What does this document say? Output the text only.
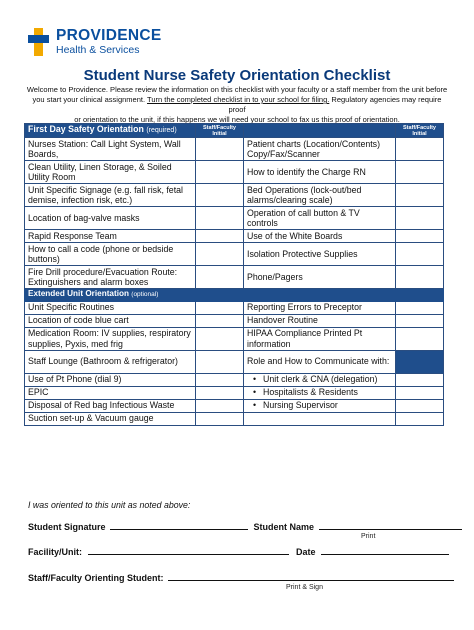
PROVIDENCE
Health & Services
Student Nurse Safety Orientation Checklist
Welcome to Providence. Please review the information on this checklist with your faculty or a staff member from the unit before
you start your clinical assignment. Turn the completed checklist in to your school for filing. Regulatory agencies may require proof
or orientation to the unit, if this happens we will need your school to fax us this proof of orientation.
First Day Safety Orientation (required)	Staff/Faculty Initial		Staff/Faculty Initial
Nurses Station: Call Light System, Wall Boards,		Patient charts (Location/Contents) Copy/Fax/Scanner	
Clean Utility, Linen Storage, & Soiled Utility Room		How to identify the Charge RN	
Unit Specific Signage (e.g. fall risk, fetal demise, infection risk, etc.)		Bed Operations (lock-out/bed alarms/clearing scale)	
Location of bag-valve masks		Operation of call button & TV controls	
Rapid Response Team		Use of the White Boards	
How to call a code (phone or bedside buttons)		Isolation Protective Supplies	
Fire Drill procedure/Evacuation Route: Extinguishers and alarm boxes		Phone/Pagers	
Extended Unit Orientation (optional)			
Unit Specific Routines		Reporting Errors to Preceptor	
Location of code blue cart		Handover Routine	
Medication Room: IV supplies, respiratory supplies, Pyxis, med frig		HIPAA Compliance Printed Pt information	
Staff Lounge (Bathroom & refrigerator)		Role and How to Communicate with:	
Use of Pt Phone (dial 9)		• Unit clerk & CNA (delegation)	
EPIC		• Hospitalists & Residents	
Disposal of Red bag Infectious Waste		• Nursing Supervisor	
Suction set-up & Vacuum gauge			
I was oriented to this unit as noted above:
Student Signature	Student Name
Print
Facility/Unit:	Date
Staff/Faculty Orienting Student:
Print & Sign
